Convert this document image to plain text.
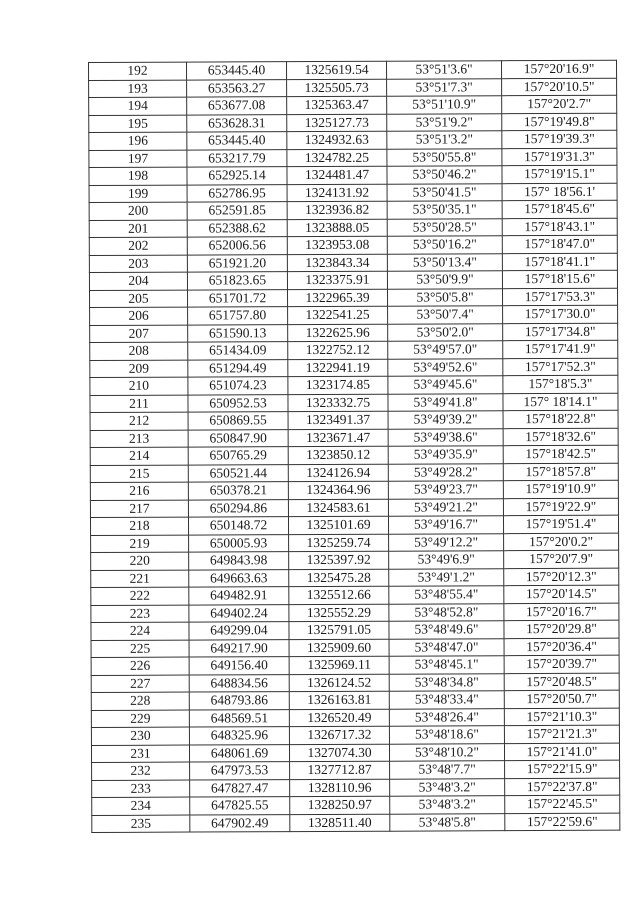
192	653445.40	1325619.54	53°51'3.6"	157°20'16.9"
193	653563.27	1325505.73	53°51'7.3"	157°20'10.5"
194	653677.08	1325363.47	53°51'10.9"	157°20'2.7"
195	653628.31	1325127.73	53°51'9.2"	157°19'49.8"
196	653445.40	1324932.63	53°51'3.2"	157°19'39.3"
197	653217.79	1324782.25	53°50'55.8"	157°19'31.3"
198	652925.14	1324481.47	53°50'46.2"	157°19'15.1"
199	652786.95	1324131.92	53°50'41.5"	157° 18'56.1'
200	652591.85	1323936.82	53°50'35.1"	157°18'45.6"
201	652388.62	1323888.05	53°50'28.5"	157°18'43.1"
202	652006.56	1323953.08	53°50'16.2"	157°18'47.0"
203	651921.20	1323843.34	53°50'13.4"	157°18'41.1"
204	651823.65	1323375.91	53°50'9.9"	157°18'15.6"
205	651701.72	1322965.39	53°50'5.8"	157°17'53.3"
206	651757.80	1322541.25	53°50'7.4"	157°17'30.0"
207	651590.13	1322625.96	53°50'2.0"	157°17'34.8"
208	651434.09	1322752.12	53°49'57.0"	157°17'41.9"
209	651294.49	1322941.19	53°49'52.6"	157°17'52.3"
210	651074.23	1323174.85	53°49'45.6"	157°18'5.3"
211	650952.53	1323332.75	53°49'41.8"	157° 18'14.1"
212	650869.55	1323491.37	53°49'39.2"	157°18'22.8"
213	650847.90	1323671.47	53°49'38.6"	157°18'32.6"
214	650765.29	1323850.12	53°49'35.9"	157°18'42.5"
215	650521.44	1324126.94	53°49'28.2"	157°18'57.8"
216	650378.21	1324364.96	53°49'23.7"	157°19'10.9"
217	650294.86	1324583.61	53°49'21.2"	157°19'22.9"
218	650148.72	1325101.69	53°49'16.7"	157°19'51.4"
219	650005.93	1325259.74	53°49'12.2"	157°20'0.2"
220	649843.98	1325397.92	53°49'6.9"	157°20'7.9"
221	649663.63	1325475.28	53°49'1.2"	157°20'12.3"
222	649482.91	1325512.66	53°48'55.4"	157°20'14.5"
223	649402.24	1325552.29	53°48'52.8"	157°20'16.7"
224	649299.04	1325791.05	53°48'49.6"	157°20'29.8"
225	649217.90	1325909.60	53°48'47.0"	157°20'36.4"
226	649156.40	1325969.11	53°48'45.1"	157°20'39.7"
227	648834.56	1326124.52	53°48'34.8"	157°20'48.5"
228	648793.86	1326163.81	53°48'33.4"	157°20'50.7"
229	648569.51	1326520.49	53°48'26.4"	157°21'10.3"
230	648325.96	1326717.32	53°48'18.6"	157°21'21.3"
231	648061.69	1327074.30	53°48'10.2"	157°21'41.0"
232	647973.53	1327712.87	53°48'7.7"	157°22'15.9"
233	647827.47	1328110.96	53°48'3.2"	157°22'37.8"
234	647825.55	1328250.97	53°48'3.2"	157°22'45.5"
235	647902.49	1328511.40	53°48'5.8"	157°22'59.6"
